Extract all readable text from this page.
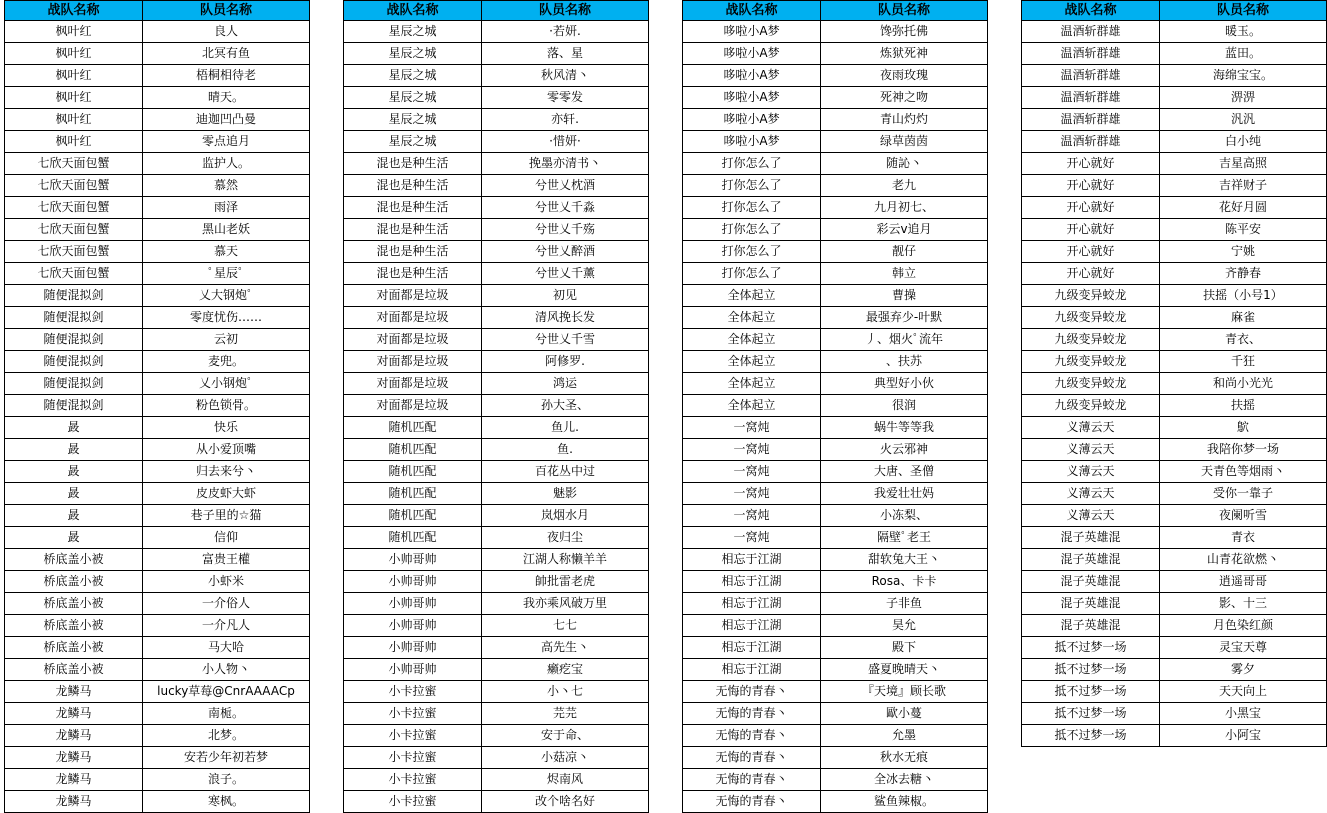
战队名称	队员名称
枫叶红	良人
枫叶红	北冥有鱼
枫叶红	梧桐相待老
枫叶红	晴天。
枫叶红	迪迦凹凸曼
枫叶红	零点追月
七欣天面包蟹	监护人。
七欣天面包蟹	慕然
七欣天面包蟹	雨泽
七欣天面包蟹	黑山老妖
七欣天面包蟹	慕天
七欣天面包蟹	ﾟ星辰ﾟ
随便混拟剑	乂大钢炮ﾟ
随便混拟剑	零度忧伤……
随便混拟剑	云初
随便混拟剑	麦兜。
随便混拟剑	乂小钢炮ﾟ
随便混拟剑	粉色锁骨。
晸	快乐
晸	从小爱顶嘴
晸	归去来兮丶
晸	皮皮虾大虾
晸	巷子里的☆猫
晸	信仰
桥底盖小被	富贵王權
桥底盖小被	小虾米
桥底盖小被	一介俗人
桥底盖小被	一介凡人
桥底盖小被	马大哈
桥底盖小被	小人物丶
龙鳞马	lucky草莓@CnrAAAACp
龙鳞马	南栀。
龙鳞马	北梦。
龙鳞马	安若少年初若梦
龙鳞马	浪子。
龙鳞马	寒枫。
战队名称	队员名称
星辰之城	·若妍.
星辰之城	落、星
星辰之城	秋风清丶
星辰之城	零零发
星辰之城	亦轩.
星辰之城	·惜妍·
混也是种生活	挽墨亦清书丶
混也是种生活	兮世乂枕酒
混也是种生活	兮世乂千淼
混也是种生活	兮世乂千殇
混也是种生活	兮世乂醉酒
混也是种生活	兮世乂千薰
对面都是垃圾	初见
对面都是垃圾	清风挽长发
对面都是垃圾	兮世乂千雪
对面都是垃圾	阿修罗.
对面都是垃圾	鸿运
对面都是垃圾	孙大圣、
随机匹配	鱼儿.
随机匹配	鱼.
随机匹配	百花丛中过
随机匹配	魅影
随机匹配	岚烟水月
随机匹配	夜归尘
小帅哥帅	江湖人称懒羊羊
小帅哥帅	帥批雷老虎
小帅哥帅	我亦乘风破万里
小帅哥帅	七七
小帅哥帅	高先生丶
小帅哥帅	癞疙宝
小卡拉蜜	小丶七
小卡拉蜜	芫芫
小卡拉蜜	安于命、
小卡拉蜜	小菇凉丶
小卡拉蜜	烬南风
小卡拉蜜	改个啥名好
战队名称	队员名称
哆啦小A梦	馋弥托佛
哆啦小A梦	炼狱死神
哆啦小A梦	夜雨玫瑰
哆啦小A梦	死神之吻
哆啦小A梦	青山灼灼
哆啦小A梦	绿草茵茵
打你怎么了	随訫丶
打你怎么了	老九
打你怎么了	九月初七、
打你怎么了	彩云v追月
打你怎么了	靓仔
打你怎么了	韩立
全体起立	曹操
全体起立	最强弃少-叶默
全体起立	丿、烟火ﾟ流年
全体起立	、扶苏
全体起立	典型好小伙
全体起立	很润
一窝炖	蜗牛等等我
一窝炖	火云邪神
一窝炖	大唐、圣僧
一窝炖	我爱壮壮妈
一窝炖	小冻梨、
一窝炖	隔壁ﾟ老王
相忘于江湖	甜软兔大王丶
相忘于江湖	Rosa、卡卡
相忘于江湖	子非鱼
相忘于江湖	昊允
相忘于江湖	殿下
相忘于江湖	盛夏晚晴天丶
无悔的青春丶	『天境』顾长歌
无悔的青春丶	歐小蔓
无悔的青春丶	允墨
无悔的青春丶	秋水无痕
无悔的青春丶	全冰去糖丶
无悔的青春丶	鲨鱼辣椒。
战队名称	队员名称
温酒斩群雄	暖玉。
温酒斩群雄	蓝田。
温酒斩群雄	海绵宝宝。
温酒斩群雄	淠淠
温酒斩群雄	汎汎
温酒斩群雄	白小纯
开心就好	吉星高照
开心就好	吉祥财子
开心就好	花好月圆
开心就好	陈平安
开心就好	宁姚
开心就好	齐静春
九级变异蛟龙	扶摇（小号1）
九级变异蛟龙	麻雀
九级变异蛟龙	青衣、
九级变异蛟龙	千狂
九级变异蛟龙	和尚小光光
九级变异蛟龙	扶摇
义薄云天	鴥
义薄云天	我陪你梦一场
义薄云天	天青色等烟雨丶
义薄云天	受你一靠子
义薄云天	夜阑听雪
混子英雄混	青衣
混子英雄混	山青花欲燃丶
混子英雄混	逍遥哥哥
混子英雄混	影、十三
混子英雄混	月色染红颜
抵不过梦一场	灵宝天尊
抵不过梦一场	雾夕
抵不过梦一场	天天向上
抵不过梦一场	小黑宝
抵不过梦一场	小阿宝
